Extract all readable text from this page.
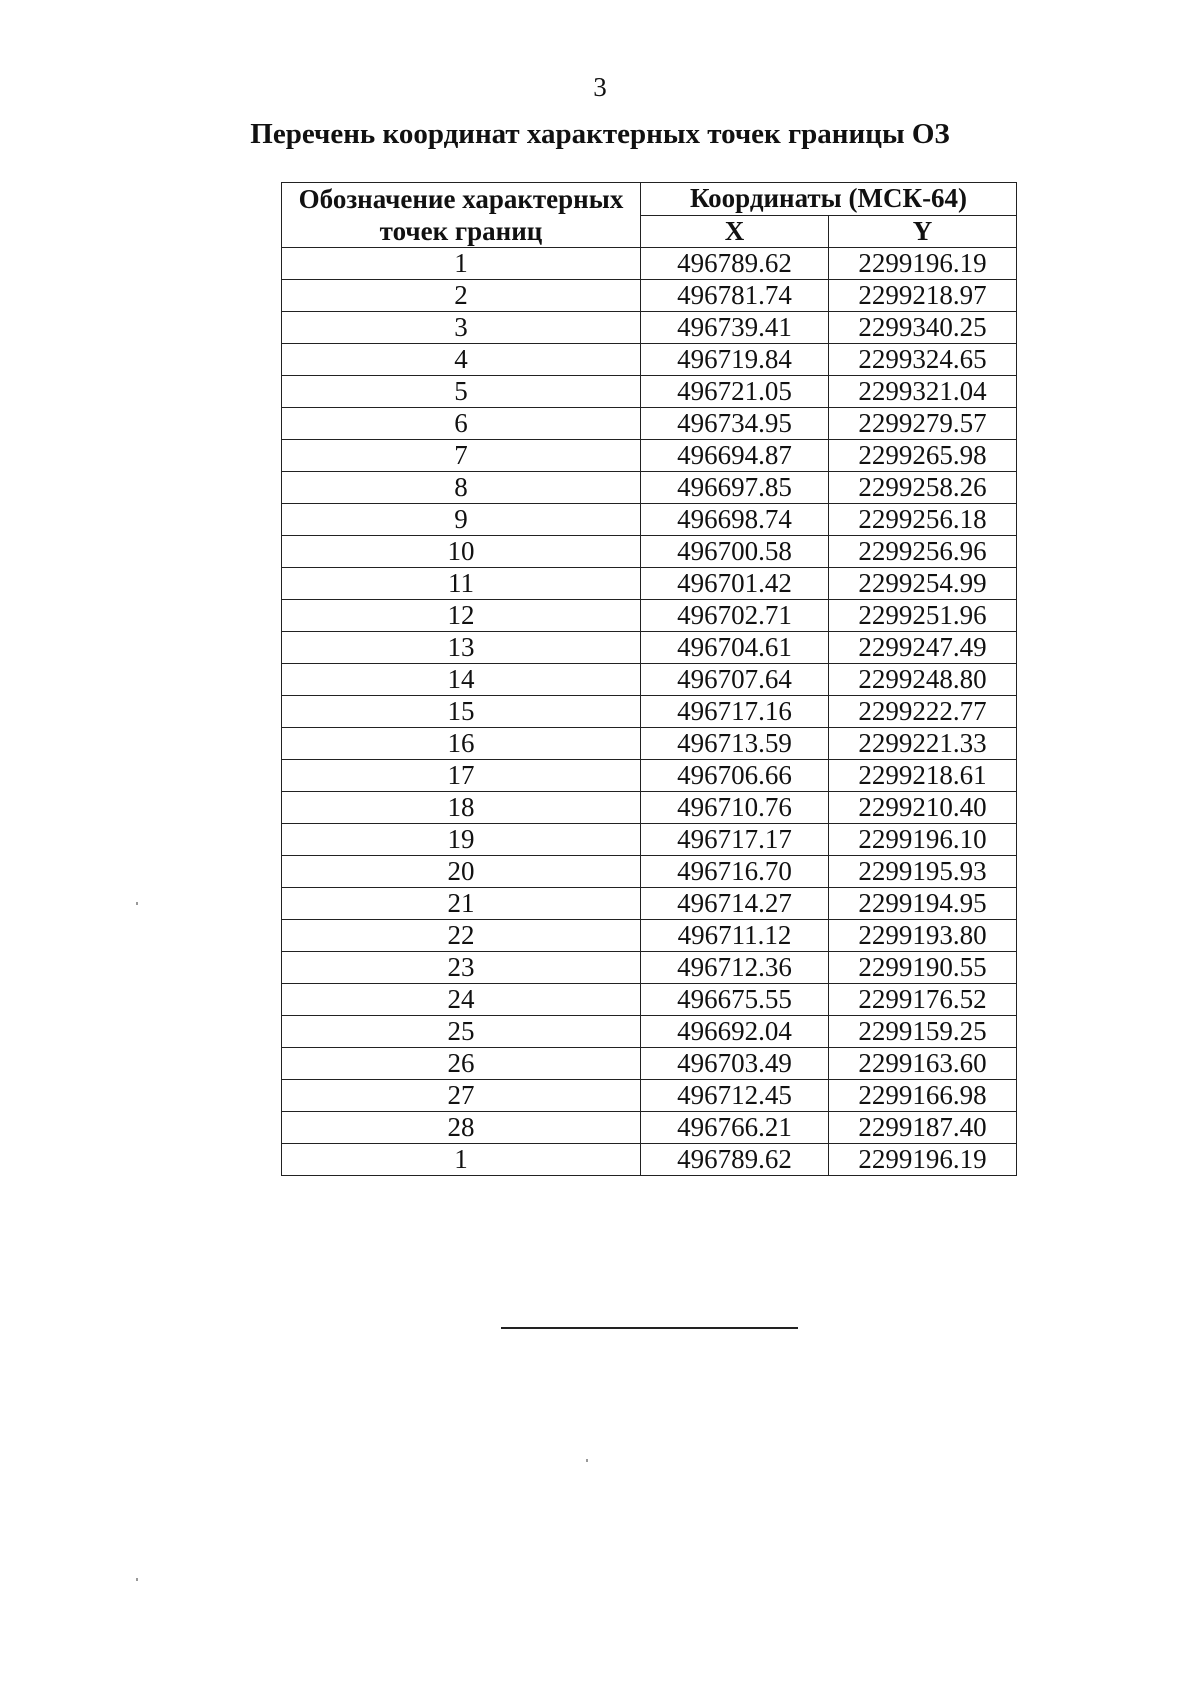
3
Перечень координат характерных точек границы ОЗ
Обозначение характерных точек границ	Координаты (МСК-64)	
	X	Y
1	496789.62	2299196.19
2	496781.74	2299218.97
3	496739.41	2299340.25
4	496719.84	2299324.65
5	496721.05	2299321.04
6	496734.95	2299279.57
7	496694.87	2299265.98
8	496697.85	2299258.26
9	496698.74	2299256.18
10	496700.58	2299256.96
11	496701.42	2299254.99
12	496702.71	2299251.96
13	496704.61	2299247.49
14	496707.64	2299248.80
15	496717.16	2299222.77
16	496713.59	2299221.33
17	496706.66	2299218.61
18	496710.76	2299210.40
19	496717.17	2299196.10
20	496716.70	2299195.93
21	496714.27	2299194.95
22	496711.12	2299193.80
23	496712.36	2299190.55
24	496675.55	2299176.52
25	496692.04	2299159.25
26	496703.49	2299163.60
27	496712.45	2299166.98
28	496766.21	2299187.40
1	496789.62	2299196.19
